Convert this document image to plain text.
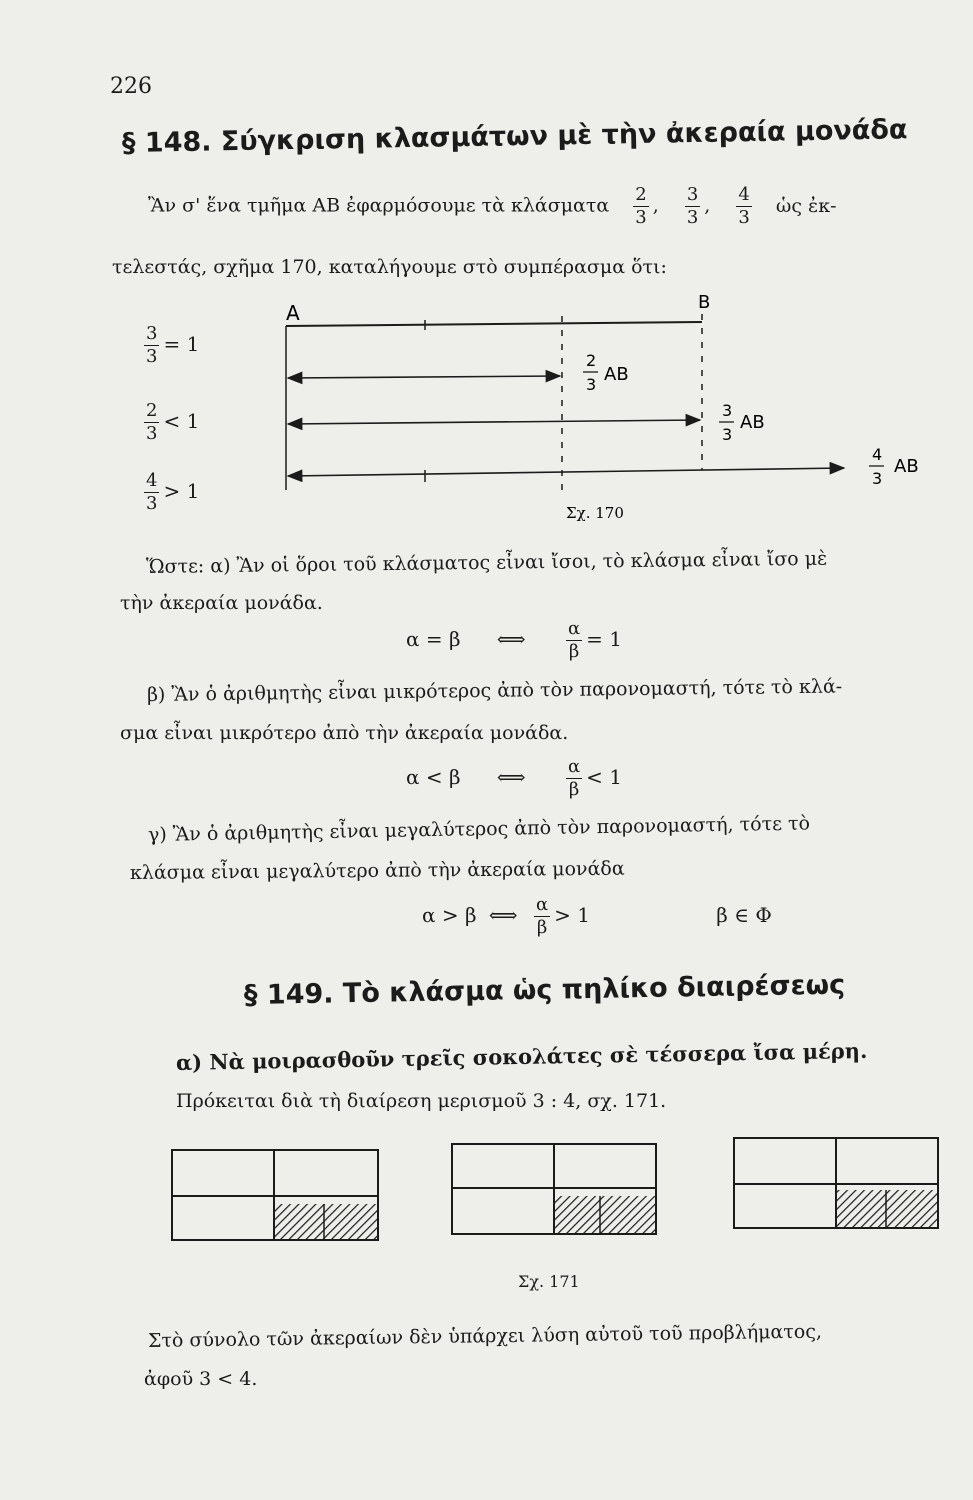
226
§ 148. Σύγκριση κλασμάτων μὲ τὴν ἀκεραία μονάδα
Ἂν σ' ἕνα τμῆμα ΑΒ ἐφαρμόσουμε τὰ κλάσματα $\frac{2}{3}$ , $\frac{3}{3}$ , $\frac{4}{3}$ ὡς ἐκ-
τελεστάς, σχῆμα 170, καταλήγουμε στὸ συμπέρασμα ὅτι:
$\frac{3}{3} = 1$
$\frac{2}{3} < 1$
$\frac{4}{3} > 1$
A	B
2
3 AB
3
3
AB
4
3
AB
Σχ. 170
Ὥστε: α) Ἂν οἱ ὅροι τοῦ κλάσματος εἶναι ἴσοι, τὸ κλάσμα εἶναι ἴσο μὲ
τὴν ἀκεραία μονάδα.
α = β ⟺ $\frac{\alpha}{\beta} = 1$
β) Ἂν ὁ ἀριθμητὴς εἶναι μικρότερος ἀπὸ τὸν παρονομαστή, τότε τὸ κλά-
σμα εἶναι μικρότερο ἀπὸ τὴν ἀκεραία μονάδα.
α < β ⟺ $\frac{\alpha}{\beta} < 1$
γ) Ἂν ὁ ἀριθμητὴς εἶναι μεγαλύτερος ἀπὸ τὸν παρονομαστή, τότε τὸ
κλάσμα εἶναι μεγαλύτερο ἀπὸ τὴν ἀκεραία μονάδα
α > β ⟺ $\frac{\alpha}{\beta} > 1$	β ∈ Φ
§ 149. Τὸ κλάσμα ὡς πηλίκο διαιρέσεως
α) Νὰ μοιρασθοῦν τρεῖς σοκολάτες σὲ τέσσερα ἴσα μέρη.
Πρόκειται διὰ τὴ διαίρεση μερισμοῦ 3 : 4, σχ. 171.
Σχ. 171
Στὸ σύνολο τῶν ἀκεραίων δὲν ὑπάρχει λύση αὐτοῦ τοῦ προβλήματος,
ἀφοῦ 3 < 4.
